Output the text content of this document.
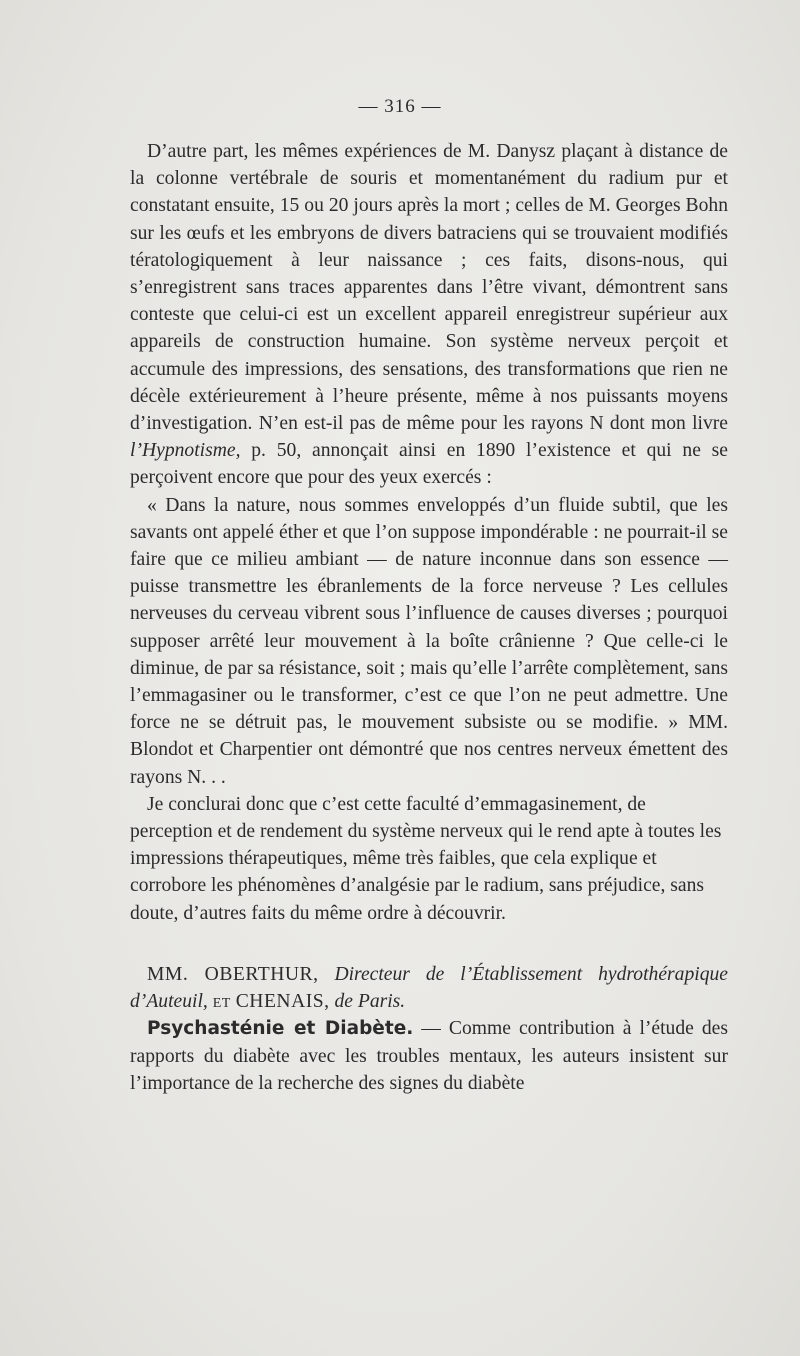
— 316 —

D’autre part, les mêmes expériences de M. Danysz plaçant à distance de la colonne vertébrale de souris et momentanément du radium pur et constatant ensuite, 15 ou 20 jours après la mort ; celles de M. Georges Bohn sur les œufs et les embryons de divers batraciens qui se trouvaient modifiés tératologiquement à leur naissance ; ces faits, disons-nous, qui s’enregistrent sans traces apparentes dans l’être vivant, démontrent sans conteste que celui-ci est un excellent appareil enregistreur supérieur aux appareils de construction humaine. Son système nerveux perçoit et accumule des impressions, des sensations, des transformations que rien ne décèle extérieurement à l’heure présente, même à nos puissants moyens d’investigation. N’en est-il pas de même pour les rayons N dont mon livre l’Hypnotisme, p. 50, annonçait ainsi en 1890 l’existence et qui ne se perçoivent encore que pour des yeux exercés :

« Dans la nature, nous sommes enveloppés d’un fluide subtil, que les savants ont appelé éther et que l’on suppose impondérable : ne pourrait-il se faire que ce milieu ambiant — de nature inconnue dans son essence — puisse transmettre les ébranlements de la force nerveuse ? Les cellules nerveuses du cerveau vibrent sous l’influence de causes diverses ; pourquoi supposer arrêté leur mouvement à la boîte crânienne ? Que celle-ci le diminue, de par sa résistance, soit ; mais qu’elle l’arrête complètement, sans l’emmagasiner ou le transformer, c’est ce que l’on ne peut admettre. Une force ne se détruit pas, le mouvement subsiste ou se modifie. » MM. Blondot et Charpentier ont démontré que nos centres nerveux émettent des rayons N. . .

Je conclurai donc que c’est cette faculté d’emmagasinement, de perception et de rendement du système nerveux qui le rend apte à toutes les impressions thérapeutiques, même très faibles, que cela explique et corrobore les phénomènes d’analgésie par le radium, sans préjudice, sans doute, d’autres faits du même ordre à découvrir.

MM. OBERTHUR, Directeur de l’Établissement hydrothérapique d’Auteuil, et CHENAIS, de Paris.

Psychasténie et Diabète. — Comme contribution à l’étude des rapports du diabète avec les troubles mentaux, les auteurs insistent sur l’importance de la recherche des signes du diabète
